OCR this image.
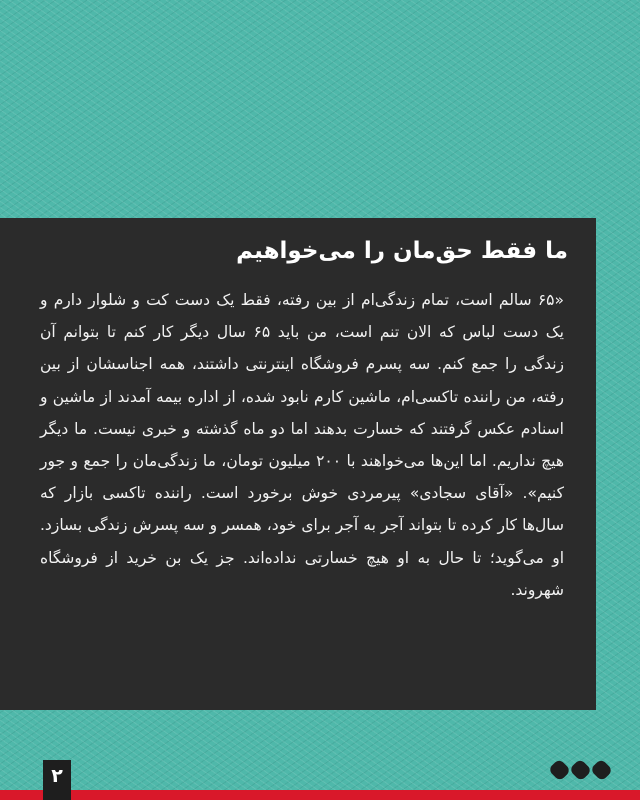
ما فقط حق‌مان را می‌خواهیم

«۶۵ سالم است، تمام زندگی‌ام از بین رفته، فقط یک دست کت و شلوار دارم و یک دست لباس که الان تنم است، من باید ۶۵ سال دیگر کار کنم تا بتوانم آن زندگی را جمع کنم. سه پسرم فروشگاه اینترنتی داشتند، همه اجناسشان از بین رفته، من راننده تاکسی‌ام، ماشین کارم نابود شده، از اداره بیمه آمدند از ماشین و اسنادم عکس گرفتند که خسارت بدهند اما دو ماه گذشته و خبری نیست. ما دیگر هیچ نداریم. اما این‌ها می‌خواهند با ۲۰۰ میلیون تومان، ما زندگی‌مان را جمع و جور کنیم». «آقای سجادی» پیرمردی خوش برخورد است. راننده تاکسی بازار که سال‌ها کار کرده تا بتواند آجر به آجر برای خود، همسر و سه پسرش زندگی بسازد. او می‌گوید؛ تا حال به او هیچ خسارتی نداده‌اند. جز یک بن خرید از فروشگاه شهروند.

۲
